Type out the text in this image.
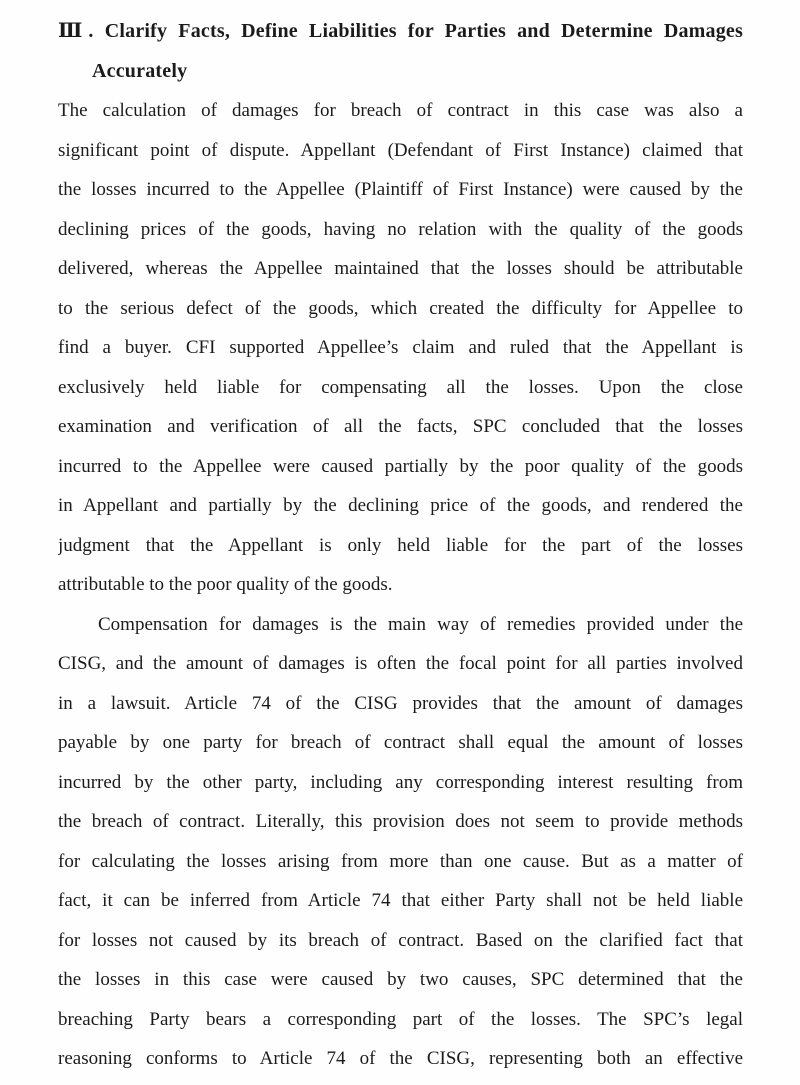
Ⅲ. Clarify Facts, Define Liabilities for Parties and Determine Damages
Accurately
The calculation of damages for breach of contract in this case was also a
significant point of dispute. Appellant (Defendant of First Instance) claimed that
the losses incurred to the Appellee (Plaintiff of First Instance) were caused by the
declining prices of the goods, having no relation with the quality of the goods
delivered, whereas the Appellee maintained that the losses should be attributable
to the serious defect of the goods, which created the difficulty for Appellee to
find a buyer. CFI supported Appellee’s claim and ruled that the Appellant is
exclusively held liable for compensating all the losses. Upon the close
examination and verification of all the facts, SPC concluded that the losses
incurred to the Appellee were caused partially by the poor quality of the goods
in Appellant and partially by the declining price of the goods, and rendered the
judgment that the Appellant is only held liable for the part of the losses
attributable to the poor quality of the goods.
Compensation for damages is the main way of remedies provided under the
CISG, and the amount of damages is often the focal point for all parties involved
in a lawsuit. Article 74 of the CISG provides that the amount of damages
payable by one party for breach of contract shall equal the amount of losses
incurred by the other party, including any corresponding interest resulting from
the breach of contract. Literally, this provision does not seem to provide methods
for calculating the losses arising from more than one cause. But as a matter of
fact, it can be inferred from Article 74 that either Party shall not be held liable
for losses not caused by its breach of contract. Based on the clarified fact that
the losses in this case were caused by two causes, SPC determined that the
breaching Party bears a corresponding part of the losses. The SPC’s legal
reasoning conforms to Article 74 of the CISG, representing both an effective
